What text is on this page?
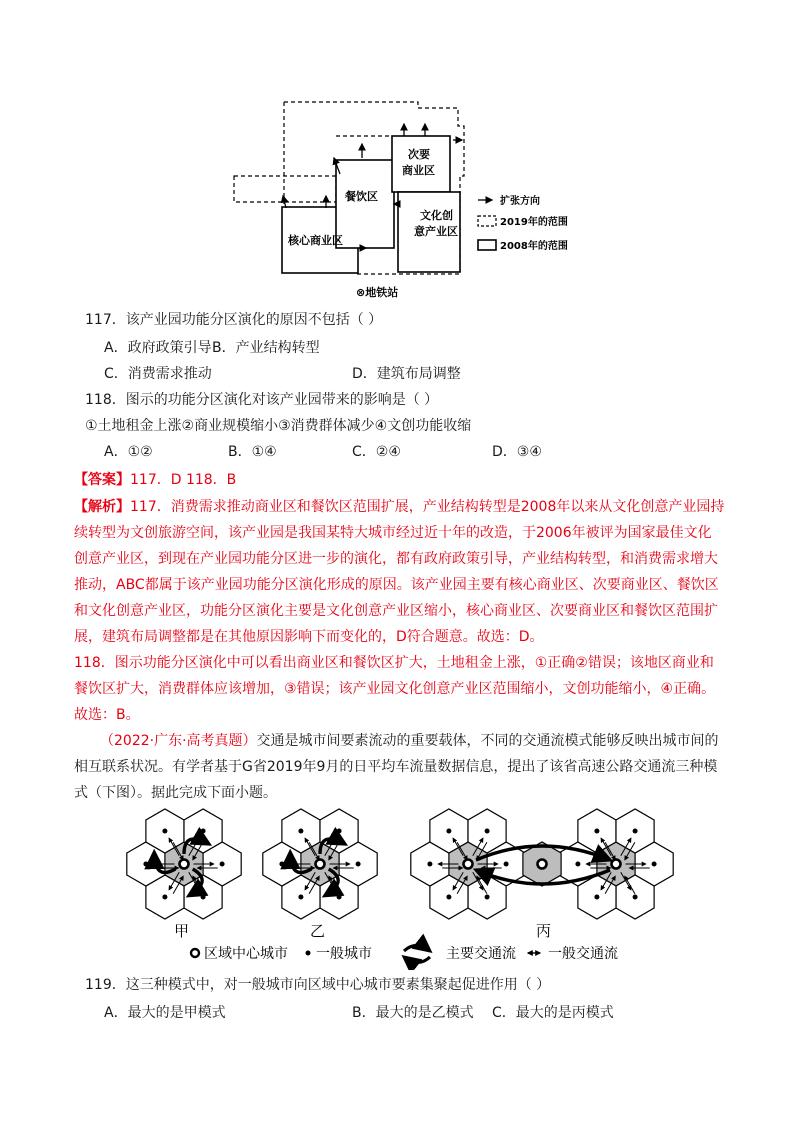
次要
商业区
餐饮区
核心商业区
文化创
意产业区
⊗地铁站
扩张方向
2019年的范围
2008年的范围
117．该产业园功能分区演化的原因不包括（ ）
A．政府政策引导 B．产业结构转型
C．消费需求推动	D．建筑布局调整
118．图示的功能分区演化对该产业园带来的影响是（ ）
①土地租金上涨②商业规模缩小③消费群体减少④文创功能收缩
A．①②	B．①④	C．②④	D．③④
【答案】117．D 118．B
【解析】117．消费需求推动商业区和餐饮区范围扩展，产业结构转型是2008年以来从文化创意产业园持
续转型为文创旅游空间，该产业园是我国某特大城市经过近十年的改造，于2006年被评为国家最佳文化
创意产业区，到现在产业园功能分区进一步的演化，都有政府政策引导，产业结构转型，和消费需求增大
推动，ABC都属于该产业园功能分区演化形成的原因。该产业园主要有核心商业区、次要商业区、餐饮区
和文化创意产业区，功能分区演化主要是文化创意产业区缩小，核心商业区、次要商业区和餐饮区范围扩
展，建筑布局调整都是在其他原因影响下而变化的，D符合题意。故选：D。
118．图示功能分区演化中可以看出商业区和餐饮区扩大，土地租金上涨，①正确②错误；该地区商业和
餐饮区扩大，消费群体应该增加，③错误；该产业园文化创意产业区范围缩小，文创功能缩小，④正确。
故选：B。
（2022·广东·高考真题）交通是城市间要素流动的重要载体，不同的交通流模式能够反映出城市间的
相互联系状况。有学者基于G省2019年9月的日平均车流量数据信息，提出了该省高速公路交通流三种模
式（下图）。据此完成下面小题。
甲	乙	丙
区域中心城市 一般城市	主要交通流 一般交通流
119．这三种模式中，对一般城市向区域中心城市要素集聚起促进作用（ ）
A．最大的是甲模式	B．最大的是乙模式 C．最大的是丙模式
